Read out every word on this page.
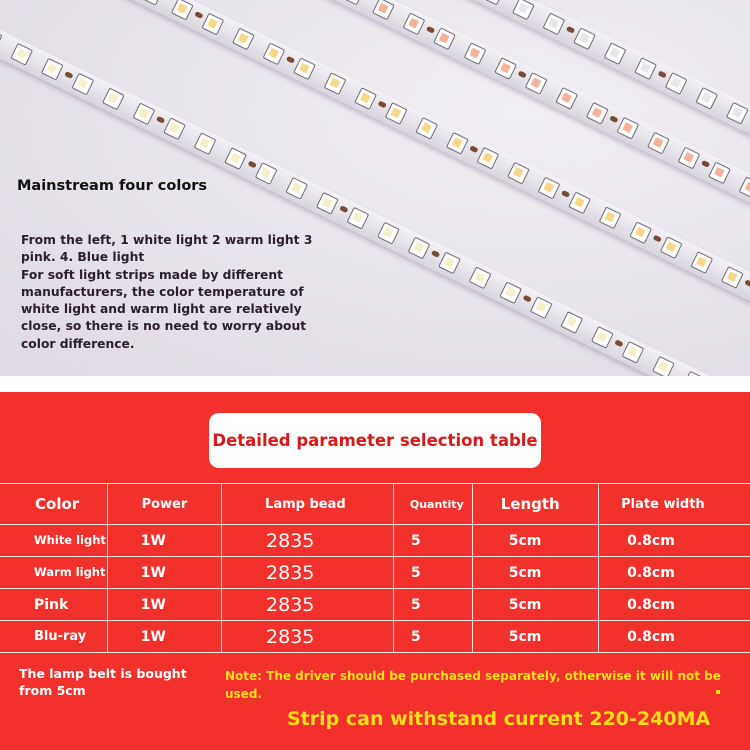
Mainstream four colors
From the left, 1 white light 2 warm light 3 pink. 4. Blue light
For soft light strips made by different manufacturers, the color temperature of white light and warm light are relatively close, so there is no need to worry about color difference.
Detailed parameter selection table
Color	Power	Lamp bead	Quantity	Length	Plate width
White light	1W	2835	5	5cm	0.8cm
Warm light	1W	2835	5	5cm	0.8cm
Pink	1W	2835	5	5cm	0.8cm
Blu-ray	1W	2835	5	5cm	0.8cm
The lamp belt is bought from 5cm
Note: The driver should be purchased separately, otherwise it will not be used.
Strip can withstand current 220-240MA
